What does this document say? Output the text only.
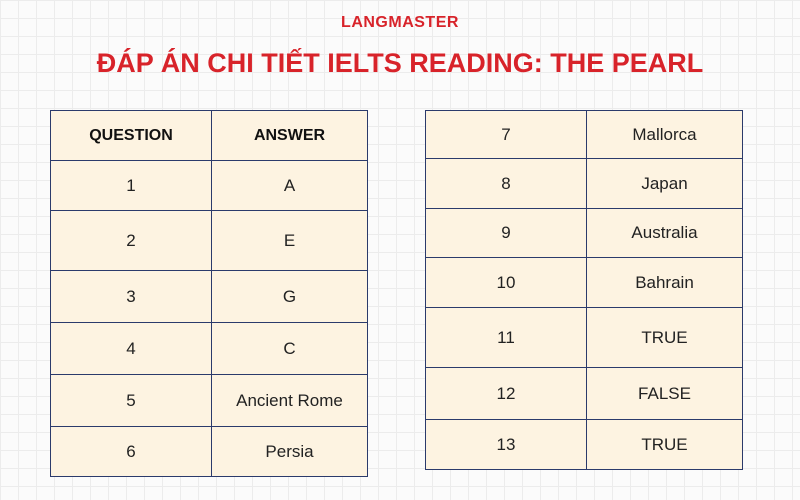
LANGMASTER
ĐÁP ÁN CHI TIẾT IELTS READING: THE PEARL
QUESTION	ANSWER
1	A
2	E
3	G
4	C
5	Ancient Rome
6	Persia
7	Mallorca
8	Japan
9	Australia
10	Bahrain
11	TRUE
12	FALSE
13	TRUE
